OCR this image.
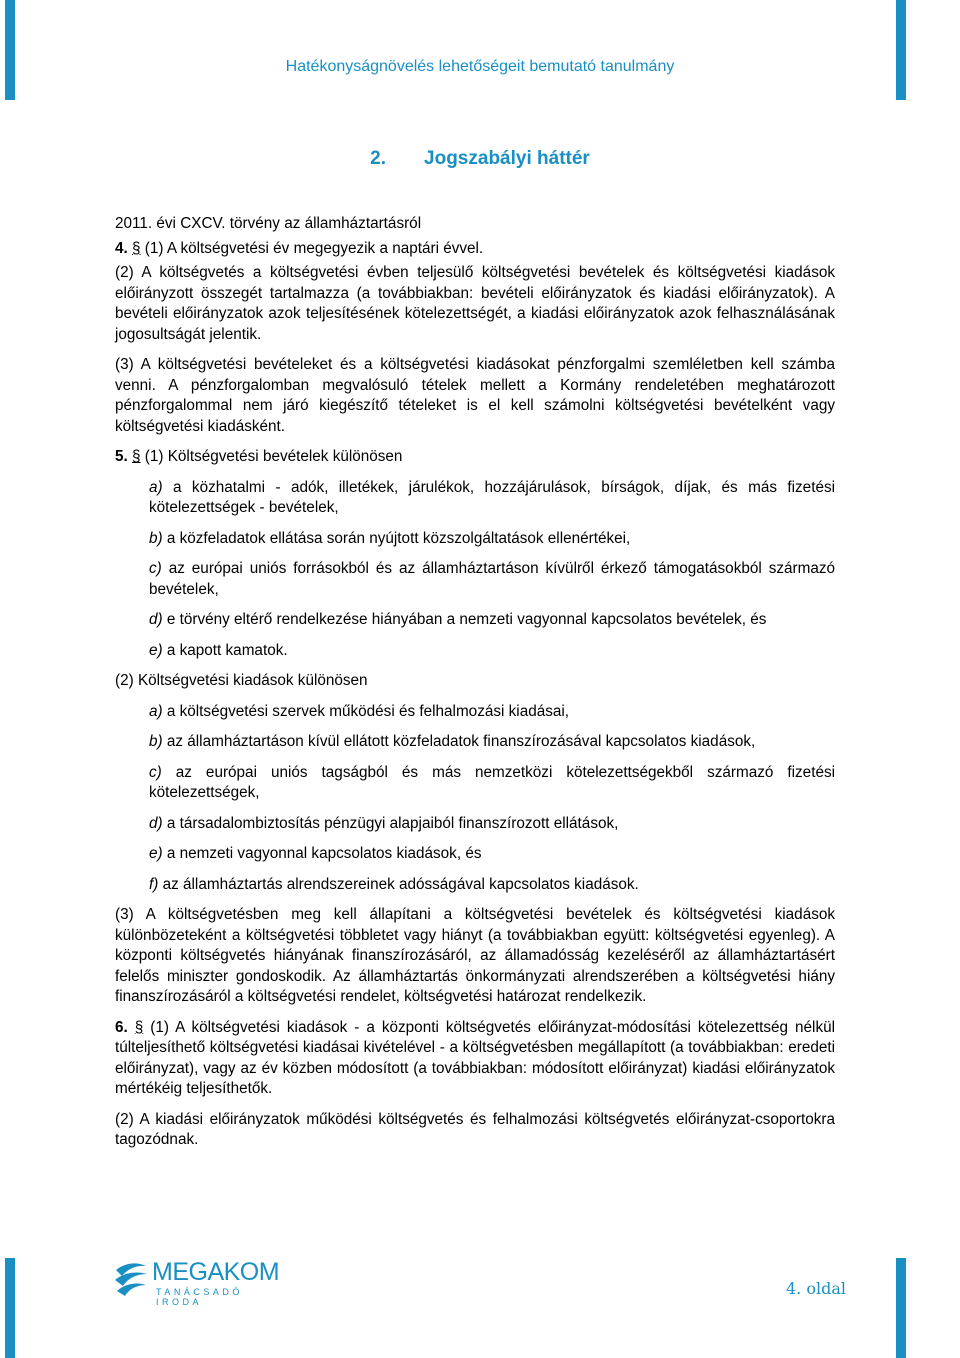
Hatékonyságnövelés lehetőségeit bemutató tanulmány
2. Jogszabályi háttér

2011. évi CXCV. törvény az államháztartásról

4. § (1) A költségvetési év megegyezik a naptári évvel.

(2) A költségvetés a költségvetési évben teljesülő költségvetési bevételek és költségvetési kiadások előirányzott összegét tartalmazza (a továbbiakban: bevételi előirányzatok és kiadási előirányzatok). A bevételi előirányzatok azok teljesítésének kötelezettségét, a kiadási előirányzatok azok felhasználásának jogosultságát jelentik.

(3) A költségvetési bevételeket és a költségvetési kiadásokat pénzforgalmi szemléletben kell számba venni. A pénzforgalomban megvalósuló tételek mellett a Kormány rendeletében meghatározott pénzforgalommal nem járó kiegészítő tételeket is el kell számolni költségvetési bevételként vagy költségvetési kiadásként.

5. § (1) Költségvetési bevételek különösen

a) a közhatalmi - adók, illetékek, járulékok, hozzájárulások, bírságok, díjak, és más fizetési kötelezettségek - bevételek,

b) a közfeladatok ellátása során nyújtott közszolgáltatások ellenértékei,

c) az európai uniós forrásokból és az államháztartáson kívülről érkező támogatásokból származó bevételek,

d) e törvény eltérő rendelkezése hiányában a nemzeti vagyonnal kapcsolatos bevételek, és

e) a kapott kamatok.

(2) Költségvetési kiadások különösen

a) a költségvetési szervek működési és felhalmozási kiadásai,

b) az államháztartáson kívül ellátott közfeladatok finanszírozásával kapcsolatos kiadások,

c) az európai uniós tagságból és más nemzetközi kötelezettségekből származó fizetési kötelezettségek,

d) a társadalombiztosítás pénzügyi alapjaiból finanszírozott ellátások,

e) a nemzeti vagyonnal kapcsolatos kiadások, és

f) az államháztartás alrendszereinek adósságával kapcsolatos kiadások.

(3) A költségvetésben meg kell állapítani a költségvetési bevételek és költségvetési kiadások különbözeteként a költségvetési többletet vagy hiányt (a továbbiakban együtt: költségvetési egyenleg). A központi költségvetés hiányának finanszírozásáról, az államadósság kezeléséről az államháztartásért felelős miniszter gondoskodik. Az államháztartás önkormányzati alrendszerében a költségvetési hiány finanszírozásáról a költségvetési rendelet, költségvetési határozat rendelkezik.

6. § (1) A költségvetési kiadások - a központi költségvetés előirányzat-módosítási kötelezettség nélkül túlteljesíthető költségvetési kiadásai kivételével - a költségvetésben megállapított (a továbbiakban: eredeti előirányzat), vagy az év közben módosított (a továbbiakban: módosított előirányzat) kiadási előirányzatok mértékéig teljesíthetők.

(2) A kiadási előirányzatok működési költségvetés és felhalmozási költségvetés előirányzat-csoportokra tagozódnak.

MEGAKOM
TANÁCSADÓ IRODA
4. oldal
